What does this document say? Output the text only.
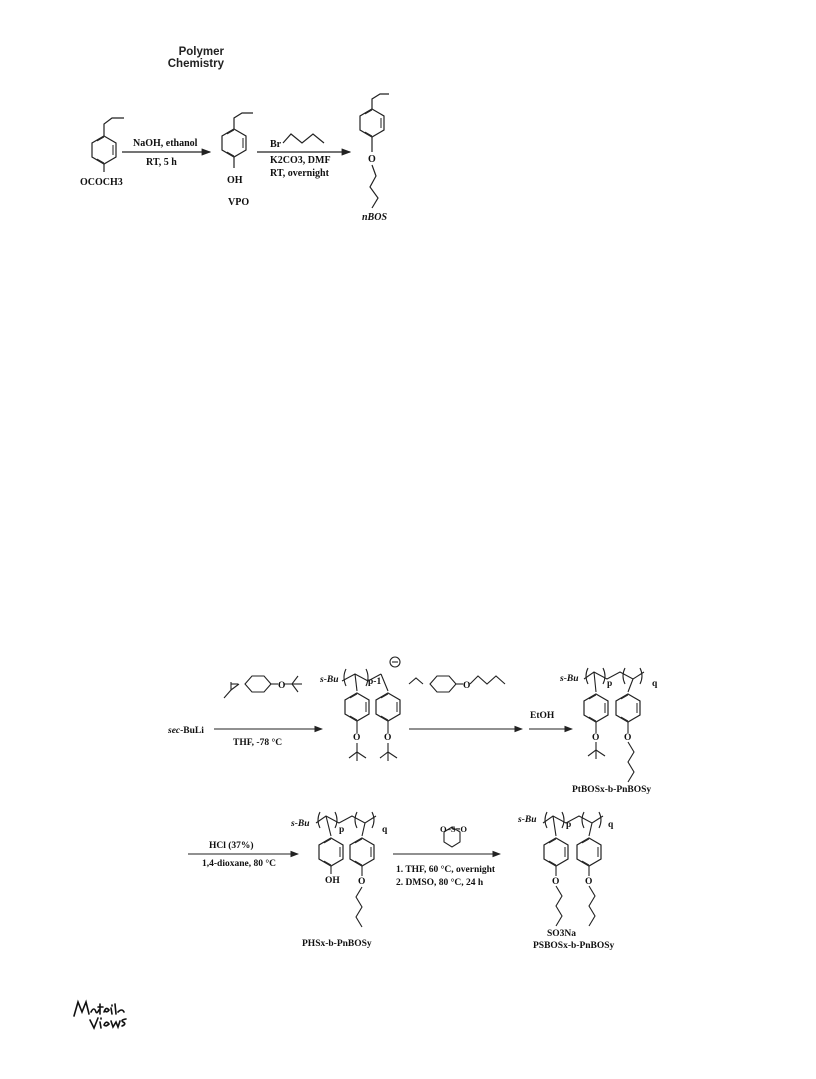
Polymer
Chemistry
OCOCH3
NaOH, ethanol
RT, 5 h
OH
VPO
Br
K2CO3, DMF
RT, overnight
O
nBOS
sec-BuLi
THF, -78 °C
s-Bu	p-1
O O
O	O
EtOH
s-Bu	p	q
O	O
PtBOSx-b-PnBOSy
HCl (37%)
1,4-dioxane, 80 °C
s-Bu
p	q
OH O
PHSx-b-PnBOSy
O–S=O
1. THF, 60 °C, overnight
2. DMSO, 80 °C, 24 h
s-Bu	p	q
O	O
SO3Na
PSBOSx-b-PnBOSy
